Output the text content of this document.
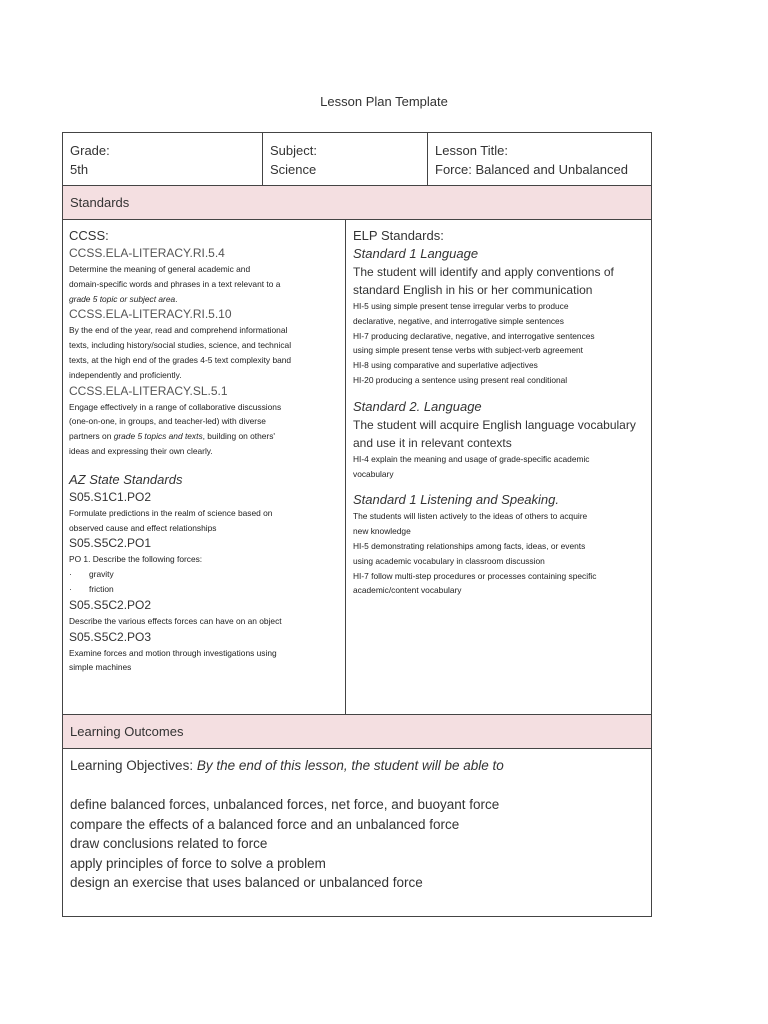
Lesson Plan Template
Grade:
5th
Subject:
Science
Lesson Title:
Force: Balanced and Unbalanced
Standards
CCSS:
CCSS.ELA-LITERACY.RI.5.4
Determine the meaning of general academic and
domain-specific words and phrases in a text relevant to a
grade 5 topic or subject area.
CCSS.ELA-LITERACY.RI.5.10
By the end of the year, read and comprehend informational
texts, including history/social studies, science, and technical
texts, at the high end of the grades 4-5 text complexity band
independently and proficiently.
CCSS.ELA-LITERACY.SL.5.1
Engage effectively in a range of collaborative discussions
(one-on-one, in groups, and teacher-led) with diverse
partners on grade 5 topics and texts, building on others'
ideas and expressing their own clearly.
AZ State Standards
S05.S1C1.PO2
Formulate predictions in the realm of science based on
observed cause and effect relationships
S05.S5C2.PO1
PO 1. Describe the following forces:
· gravity
· friction
S05.S5C2.PO2
Describe the various effects forces can have on an object
S05.S5C2.PO3
Examine forces and motion through investigations using
simple machines
ELP Standards:
Standard 1 Language
The student will identify and apply conventions of
standard English in his or her communication
HI-5 using simple present tense irregular verbs to produce
declarative, negative, and interrogative simple sentences
HI-7 producing declarative, negative, and interrogative sentences
using simple present tense verbs with subject-verb agreement
HI-8 using comparative and superlative adjectives
HI-20 producing a sentence using present real conditional
Standard 2. Language
The student will acquire English language vocabulary
and use it in relevant contexts
HI-4 explain the meaning and usage of grade-specific academic
vocabulary
Standard 1 Listening and Speaking.
The students will listen actively to the ideas of others to acquire
new knowledge
HI-5 demonstrating relationships among facts, ideas, or events
using academic vocabulary in classroom discussion
HI-7 follow multi-step procedures or processes containing specific
academic/content vocabulary
Learning Outcomes
Learning Objectives: By the end of this lesson, the student will be able to
define balanced forces, unbalanced forces, net force, and buoyant force
compare the effects of a balanced force and an unbalanced force
draw conclusions related to force
apply principles of force to solve a problem
design an exercise that uses balanced or unbalanced force
